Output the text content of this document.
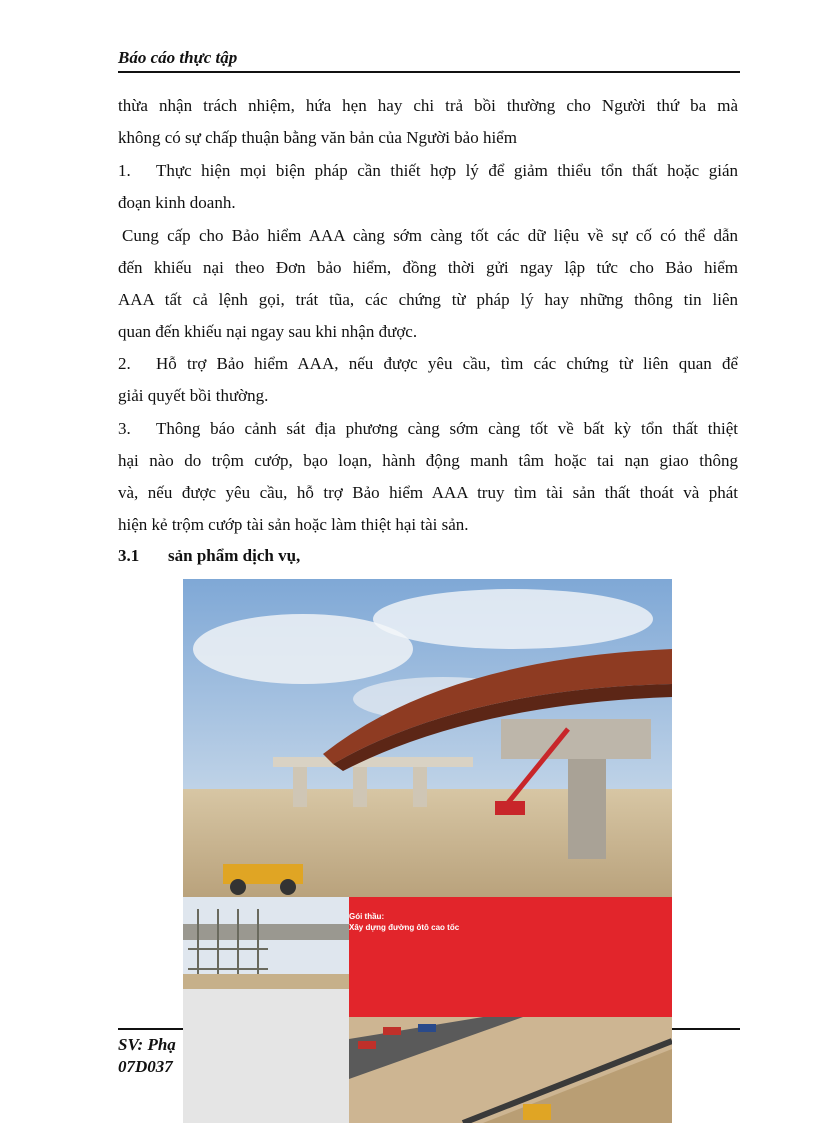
Báo cáo thực tập
thừa nhận trách nhiệm, hứa hẹn hay chi trả bồi thường cho Người thứ ba mà
không có sự chấp thuận bằng văn bản của Người bảo hiểm
1. Thực hiện mọi biện pháp cần thiết hợp lý để giảm thiểu tổn thất hoặc gián
đoạn kinh doanh.
Cung cấp cho Bảo hiểm AAA càng sớm càng tốt các dữ liệu về sự cố có thể dẫn
đến khiếu nại theo Đơn bảo hiểm, đồng thời gửi ngay lập tức cho Bảo hiểm
AAA tất cả lệnh gọi, trát tũa, các chứng từ pháp lý hay những thông tin liên
quan đến khiếu nại ngay sau khi nhận được.
2. Hỗ trợ Bảo hiểm AAA, nếu được yêu cầu, tìm các chứng từ liên quan để
giải quyết bồi thường.
3. Thông báo cảnh sát địa phương càng sớm càng tốt về bất kỳ tổn thất thiệt
hại nào do trộm cướp, bạo loạn, hành động manh tâm hoặc tai nạn giao thông
và, nếu được yêu cầu, hỗ trợ Bảo hiểm AAA truy tìm tài sản thất thoát và phát
hiện kẻ trộm cướp tài sản hoặc làm thiệt hại tài sản.
3.1 sản phẩm dịch vụ,
SV: Phạ
07D037
Gói thầu:
Xây dựng đường ôtô cao tốc
